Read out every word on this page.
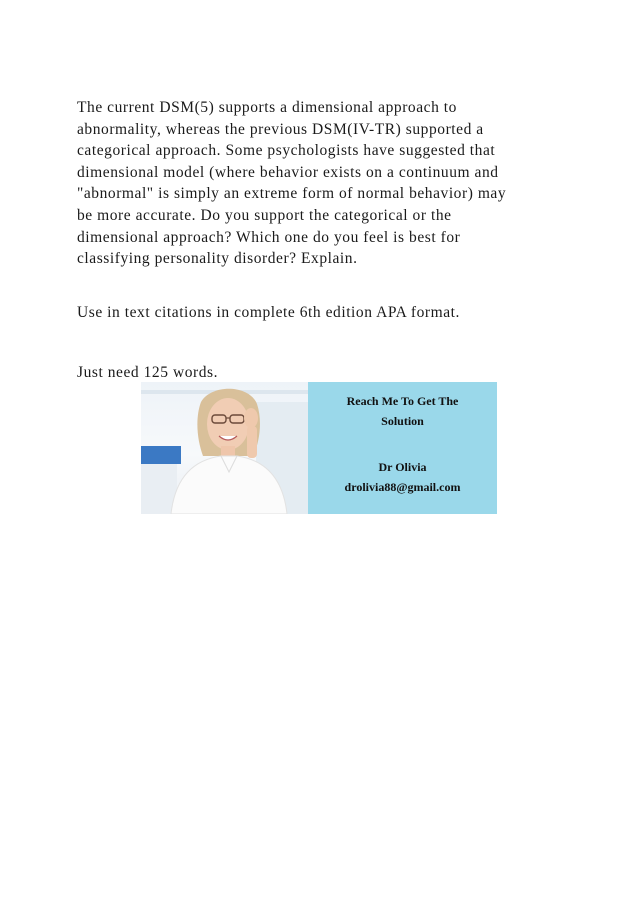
The current DSM(5) supports a dimensional approach to
abnormality, whereas the previous DSM(IV-TR) supported a
categorical approach. Some psychologists have suggested that
dimensional model (where behavior exists on a continuum and
"abnormal" is simply an extreme form of normal behavior) may
be more accurate. Do you support the categorical or the
dimensional approach? Which one do you feel is best for
classifying personality disorder? Explain.

Use in text citations in complete 6th edition APA format.

Just need 125 words.

Reach Me To Get The
Solution
Dr Olivia
drolivia88@gmail.com
